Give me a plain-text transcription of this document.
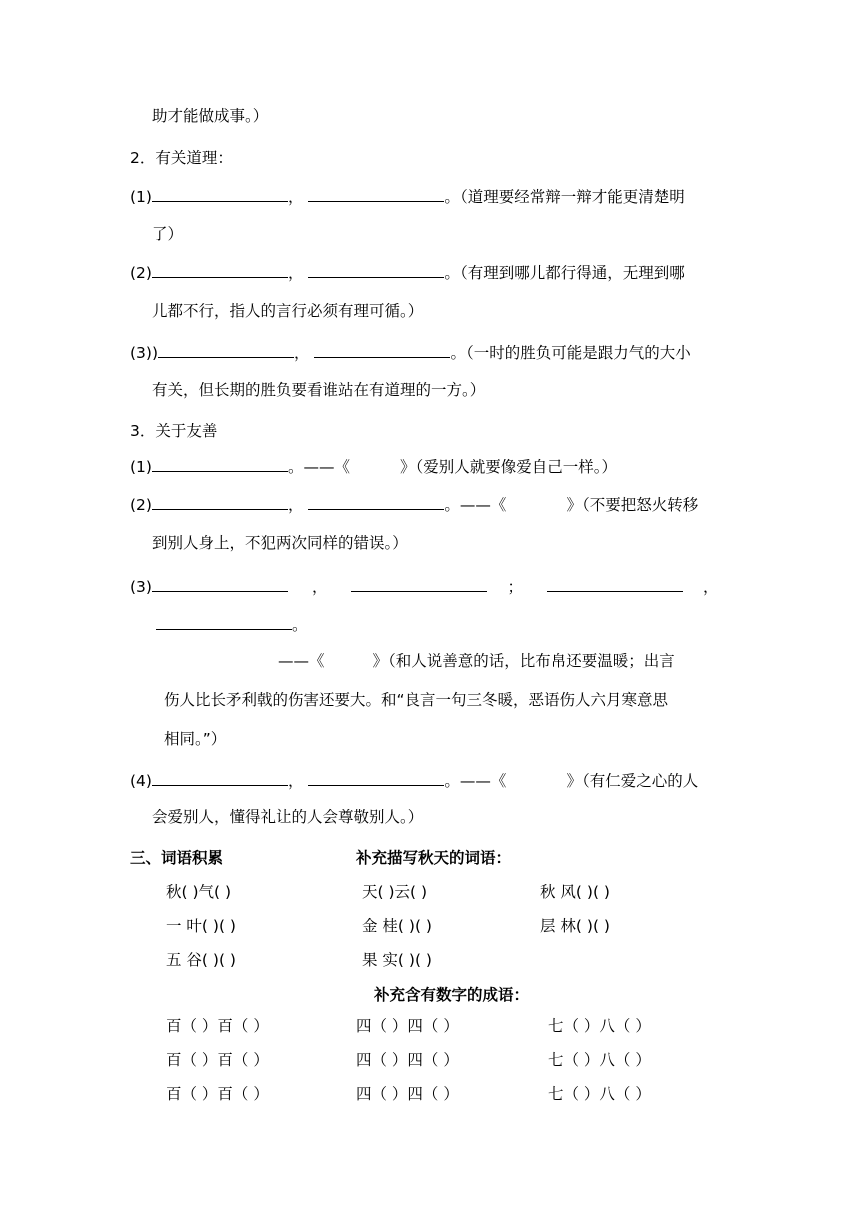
助才能做成事。）
2．有关道理：
(1)	，	。（道理要经常辩一辩才能更清楚明
了）
(2)	，	。（有理到哪儿都行得通，无理到哪
儿都不行，指人的言行必须有理可循。）
(3))	，	。（一时的胜负可能是跟力气的大小
有关，但长期的胜负要看谁站在有道理的一方。）
3．关于友善
(1)	。——《	》（爱别人就要像爱自己一样。）
(2)	，	。——《	》（不要把怒火转移
到别人身上，不犯两次同样的错误。）
(3)	，	；	，
。
——《	》（和人说善意的话，比布帛还要温暖；出言
伤人比长矛利戟的伤害还要大。和“良言一句三冬暖，恶语伤人六月寒意思
相同。”）
(4)	，	。——《	》（有仁爱之心的人
会爱别人，懂得礼让的人会尊敬别人。）
三、词语积累	补充描写秋天的词语：
秋( )气( )	天( )云( )	秋 风( )( )
一 叶( )( )	金 桂( )( )	层 林( )( )
五 谷( )( )	果 实( )( )
补充含有数字的成语：
百（ ）百（ ）	四（ ）四（ ）	七（ ）八（ ）
百（ ）百（ ）	四（ ）四（ ）	七（ ）八（ ）
百（ ）百（ ）	四（ ）四（ ）	七（ ）八（ ）
